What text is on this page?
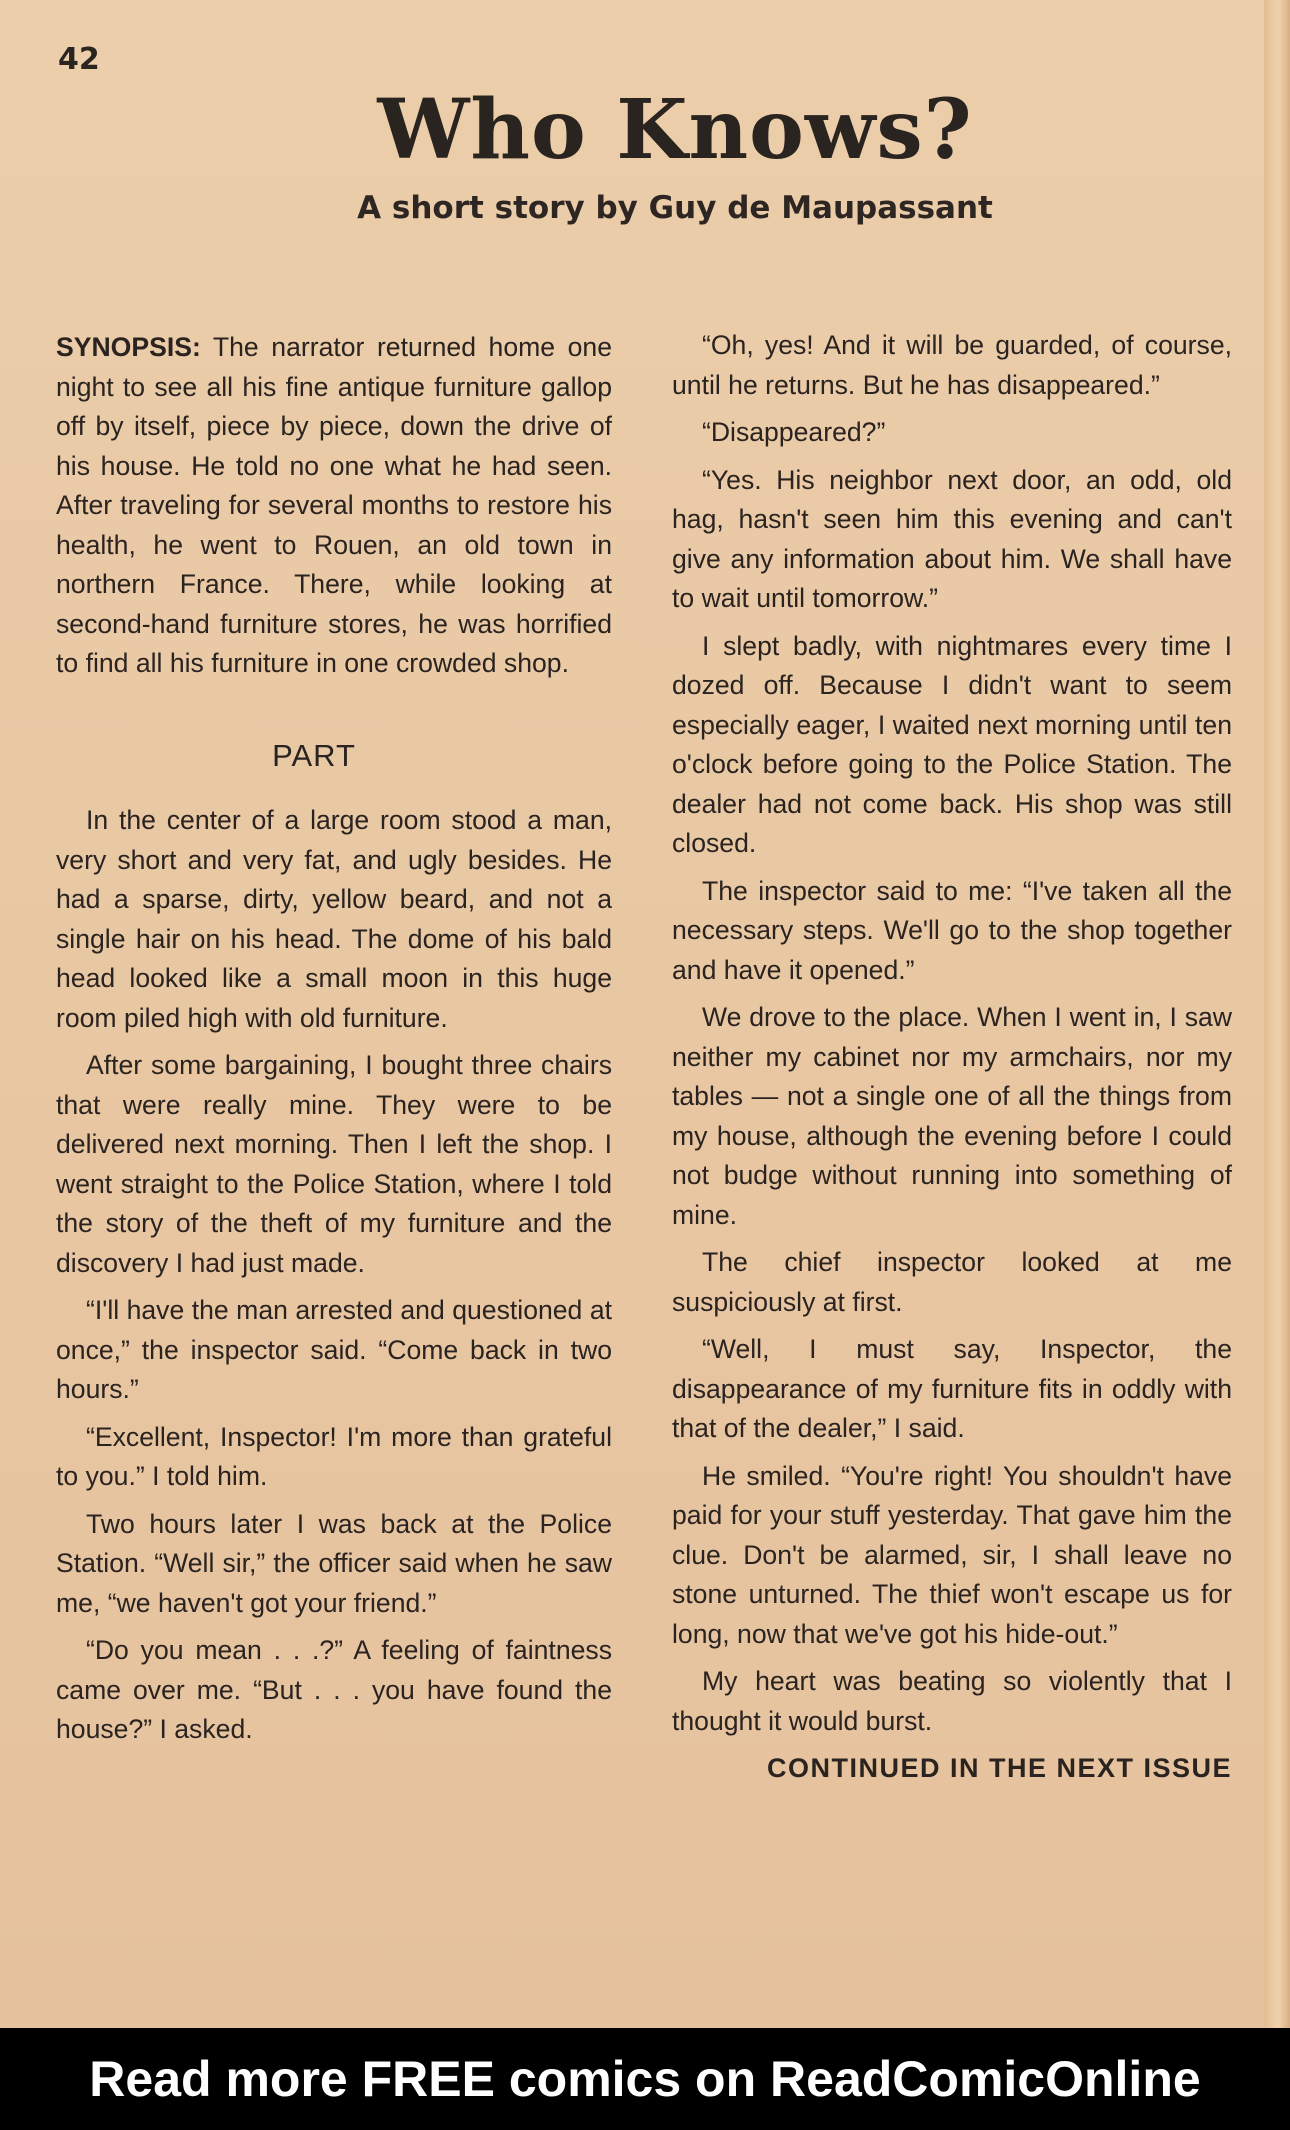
42
Who Knows?
A short story by Guy de Maupassant

SYNOPSIS: The narrator returned home one night to see all his fine antique furniture gallop off by itself, piece by piece, down the drive of his house. He told no one what he had seen. After traveling for several months to restore his health, he went to Rouen, an old town in northern France. There, while looking at second-hand furniture stores, he was horrified to find all his furniture in one crowded shop.

PART

In the center of a large room stood a man, very short and very fat, and ugly besides. He had a sparse, dirty, yellow beard, and not a single hair on his head. The dome of his bald head looked like a small moon in this huge room piled high with old furniture.

After some bargaining, I bought three chairs that were really mine. They were to be delivered next morning. Then I left the shop. I went straight to the Police Station, where I told the story of the theft of my furniture and the discovery I had just made.

“I'll have the man arrested and questioned at once,” the inspector said. “Come back in two hours.”

“Excellent, Inspector! I'm more than grateful to you.” I told him.

Two hours later I was back at the Police Station. “Well sir,” the officer said when he saw me, “we haven't got your friend.”

“Do you mean . . .?” A feeling of faintness came over me. “But . . . you have found the house?” I asked.

“Oh, yes! And it will be guarded, of course, until he returns. But he has disappeared.”

“Disappeared?”

“Yes. His neighbor next door, an odd, old hag, hasn't seen him this evening and can't give any information about him. We shall have to wait until tomorrow.”

I slept badly, with nightmares every time I dozed off. Because I didn't want to seem especially eager, I waited next morning until ten o'clock before going to the Police Station. The dealer had not come back. His shop was still closed.

The inspector said to me: “I've taken all the necessary steps. We'll go to the shop together and have it opened.”

We drove to the place. When I went in, I saw neither my cabinet nor my armchairs, nor my tables — not a single one of all the things from my house, although the evening before I could not budge without running into something of mine.

The chief inspector looked at me suspiciously at first.

“Well, I must say, Inspector, the disappearance of my furniture fits in oddly with that of the dealer,” I said.

He smiled. “You're right! You shouldn't have paid for your stuff yesterday. That gave him the clue. Don't be alarmed, sir, I shall leave no stone unturned. The thief won't escape us for long, now that we've got his hide-out.”

My heart was beating so violently that I thought it would burst.

CONTINUED IN THE NEXT ISSUE
Read more FREE comics on ReadComicOnline
